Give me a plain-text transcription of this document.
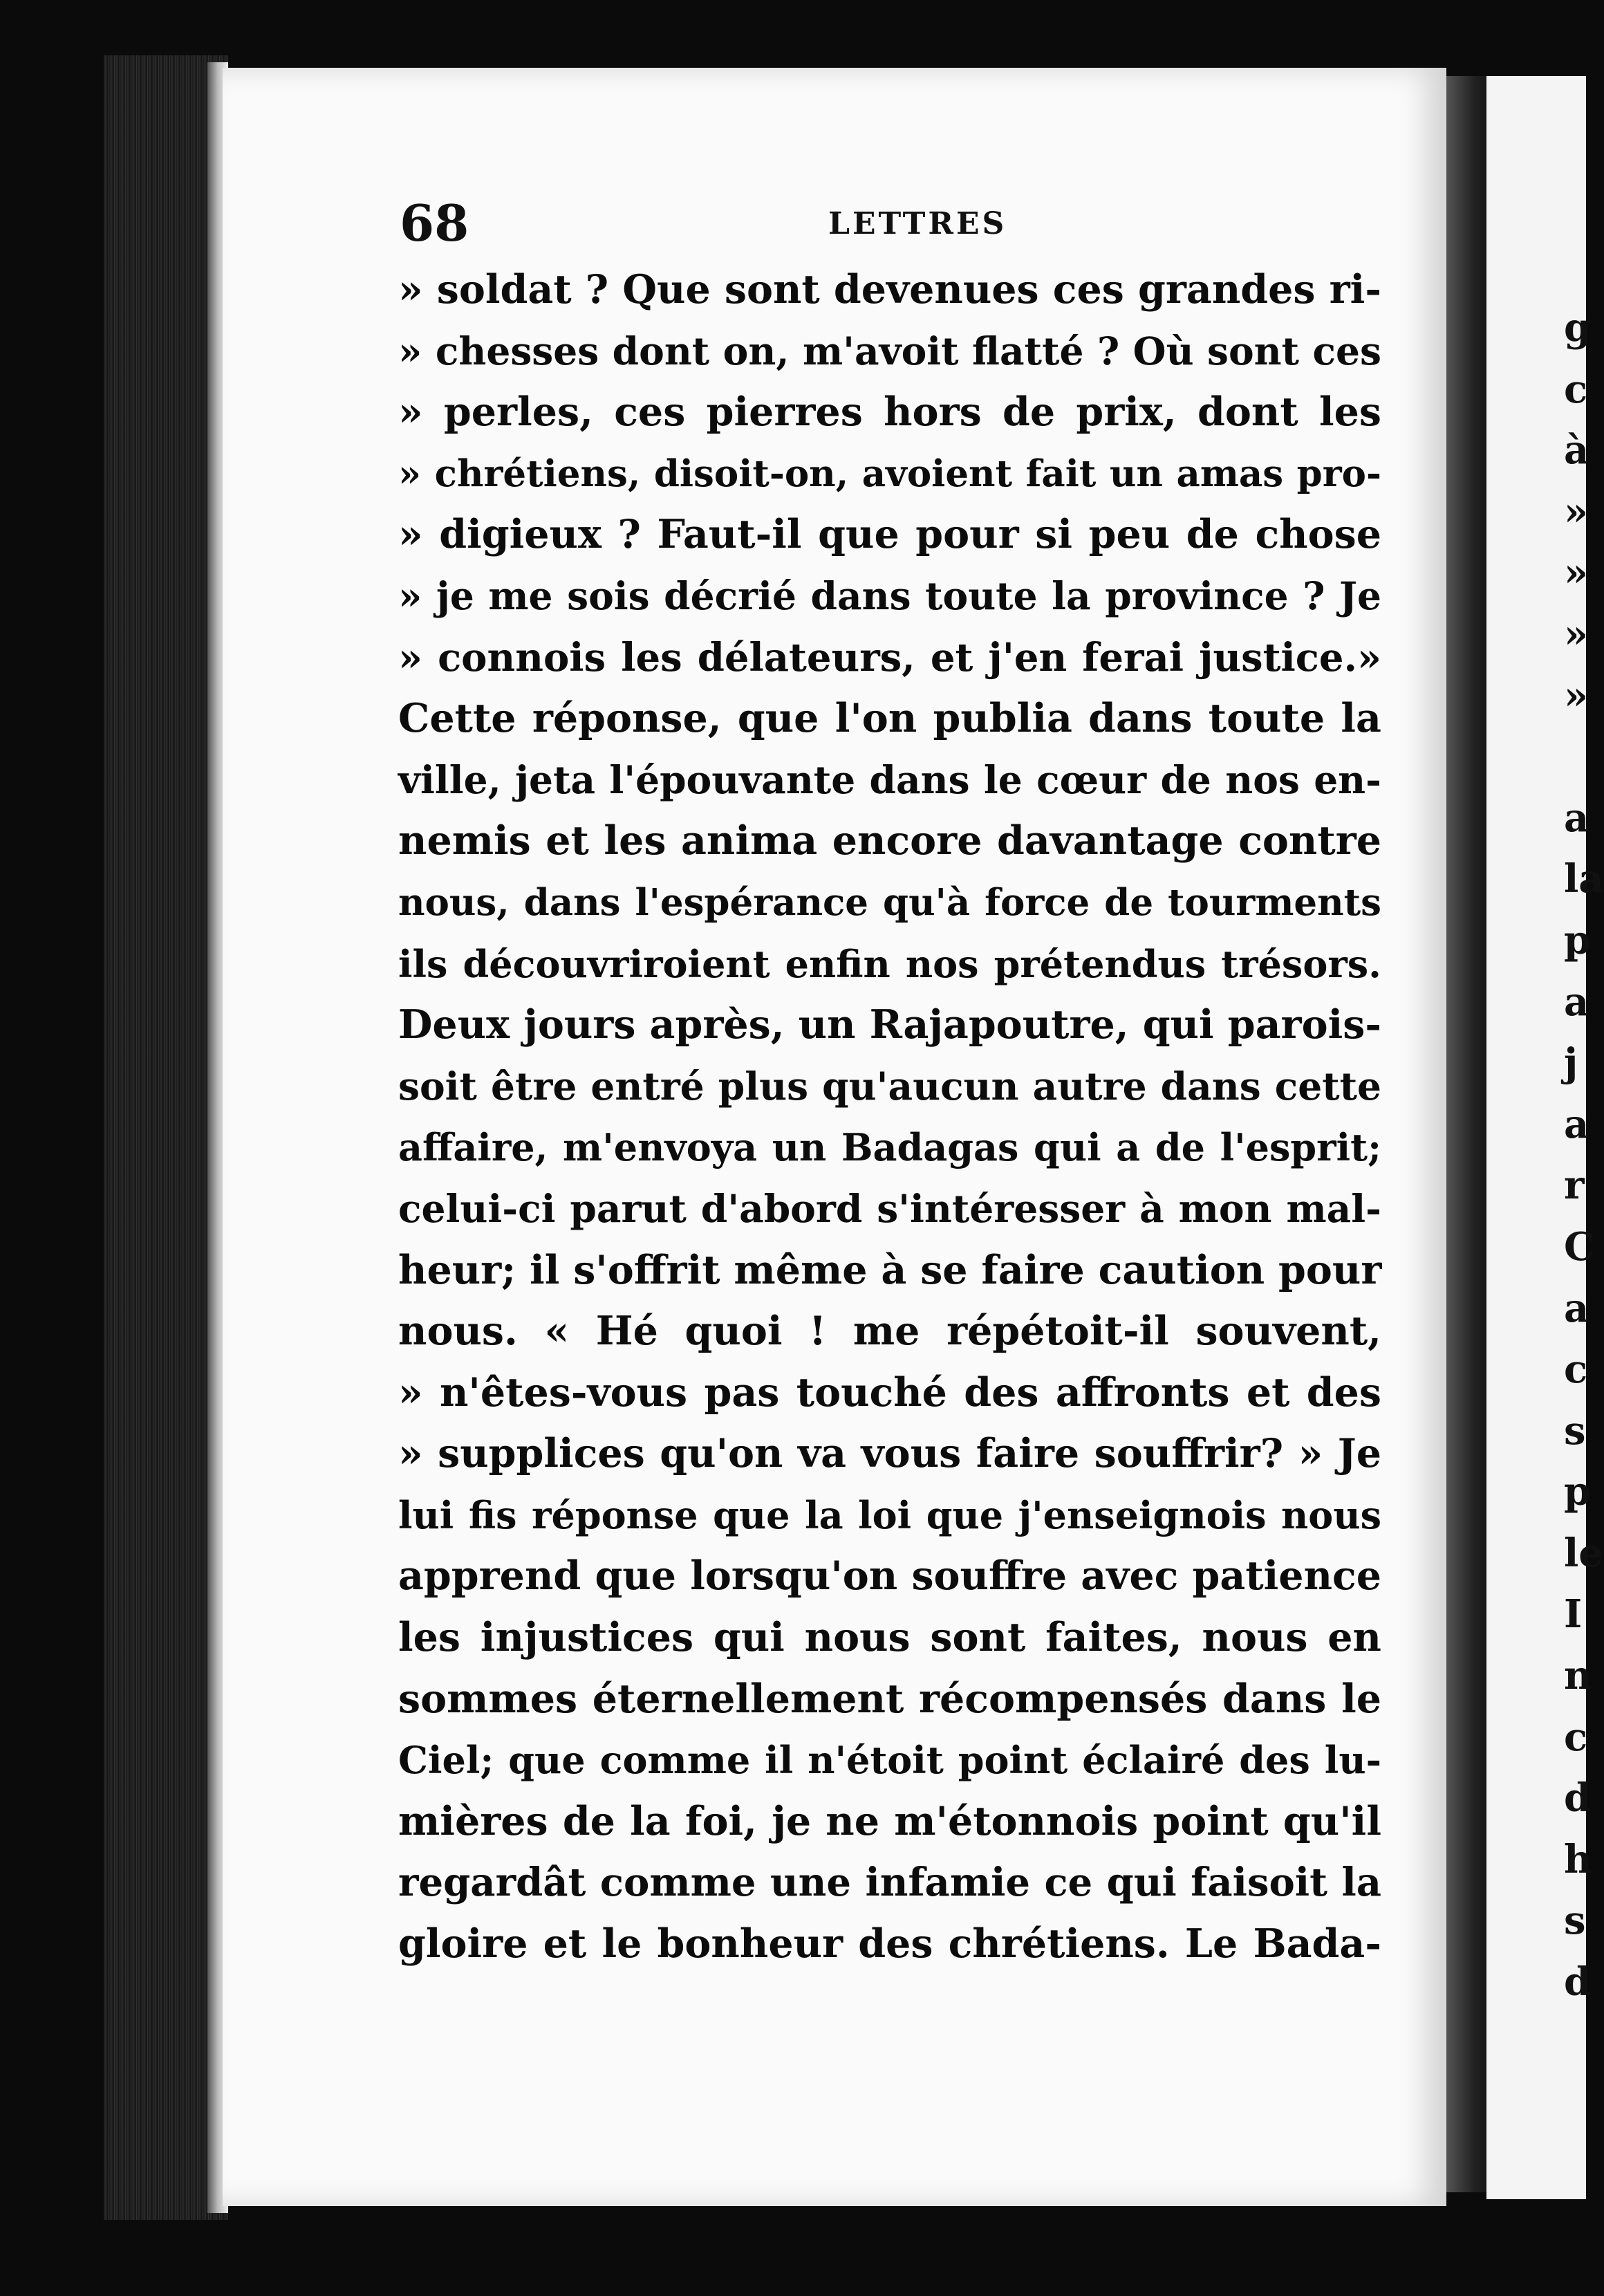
g
c
à
»
»
»
»
a
la
p
a
j
a
r
C
a
c
s
p
le
I
n
c
d
h
s
d
68	LETTRES
» soldat ? Que sont devenues ces grandes ri-
» chesses dont on, m'avoit flatté ? Où sont ces
» perles, ces pierres hors de prix, dont les
» chrétiens, disoit-on, avoient fait un amas pro-
» digieux ? Faut-il que pour si peu de chose
» je me sois décrié dans toute la province ? Je
» connois les délateurs, et j'en ferai justice.»
Cette réponse, que l'on publia dans toute la
ville, jeta l'épouvante dans le cœur de nos en-
nemis et les anima encore davantage contre
nous, dans l'espérance qu'à force de tourments
ils découvriroient enfin nos prétendus trésors.
Deux jours après, un Rajapoutre, qui parois-
soit être entré plus qu'aucun autre dans cette
affaire, m'envoya un Badagas qui a de l'esprit;
celui-ci parut d'abord s'intéresser à mon mal-
heur; il s'offrit même à se faire caution pour
nous. « Hé quoi ! me répétoit-il souvent,
» n'êtes-vous pas touché des affronts et des
» supplices qu'on va vous faire souffrir? » Je
lui fis réponse que la loi que j'enseignois nous
apprend que lorsqu'on souffre avec patience
les injustices qui nous sont faites, nous en
sommes éternellement récompensés dans le
Ciel; que comme il n'étoit point éclairé des lu-
mières de la foi, je ne m'étonnois point qu'il
regardât comme une infamie ce qui faisoit la
gloire et le bonheur des chrétiens. Le Bada-
